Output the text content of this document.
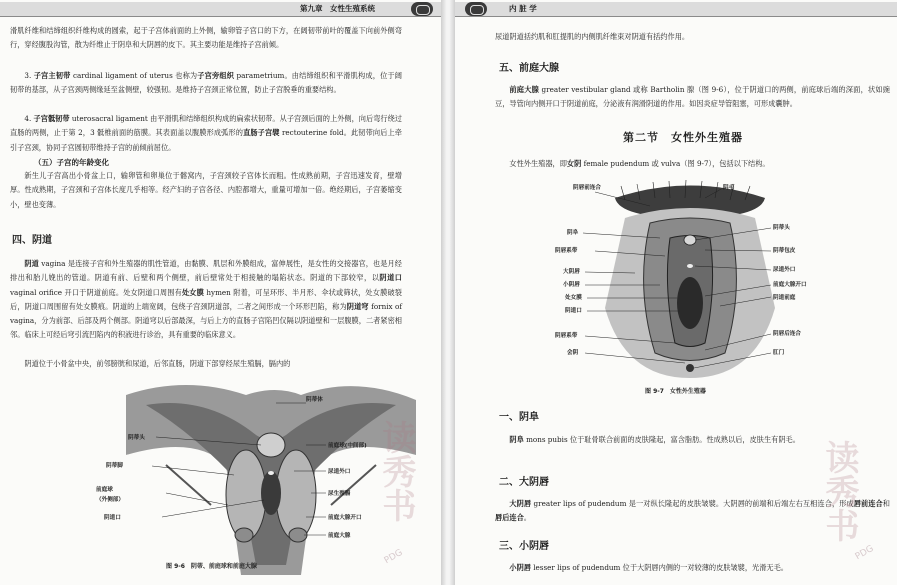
第九章　女性生殖系统

滑肌纤维和结缔组织纤维构成的圆索，起于子宫体前面的上外侧，输卵管子宫口的下方，在阔韧带前叶的覆盖下向前外侧弯行，穿经腹股沟管，散为纤维止于阴阜和大阴唇的皮下。其主要功能是维持子宫前倾。

3. 子宫主韧带 cardinal ligament of uterus 也称为子宫旁组织 parametrium。由结缔组织和平滑肌构成，位于阔韧带的基部，从子宫颈两侧缘延至盆侧壁，较强韧。是维持子宫颈正常位置，防止子宫脱垂的重要结构。

4. 子宫骶韧带 uterosacral ligament 由平滑肌和结缔组织构成的扁索状韧带。从子宫颈后面的上外侧，向后弯行绕过直肠的两侧，止于第 2，3 骶椎前面的筋膜。其表面盖以腹膜形成弧形的直肠子宫襞 rectouterine fold。此韧带向后上牵引子宫颈，协同子宫圆韧带维持子宫的前倾前屈位。

（五）子宫的年龄变化

新生儿子宫高出小骨盆上口，输卵管和卵巢位于髂窝内，子宫颈较子宫体长而粗。性成熟前期，子宫迅速发育，壁增厚。性成熟期，子宫颈和子宫体长度几乎相等。经产妇的子宫各径、内腔都增大，重量可增加一倍。绝经期后，子宫萎缩变小，壁也变薄。

四、阴道

阴道 vagina 是连接子宫和外生殖器的肌性管道，由黏膜、肌层和外膜组成，富伸展性，是女性的交接器官，也是月经排出和胎儿娩出的管道。阴道有前、后壁和两个侧壁，前后壁常处于相接触的塌陷状态。阴道的下部较窄，以阴道口 vaginal orifice 开口于阴道前庭。处女阴道口周围有处女膜 hymen 附着，可呈环形、半月形、伞状或筛状，处女膜破裂后，阴道口周围留有处女膜痕。阴道的上端宽阔，包绕子宫颈阴道部，二者之间形成一个环形凹陷，称为阴道穹 fornix of vagina，分为前部、后部及两个侧部。阴道穹以后部最深，与后上方的直肠子宫陷凹仅隔以阴道壁和一层腹膜，二者紧密相邻。临床上可经后穹引流凹陷内的积液进行诊治，具有重要的临床意义。

阴道位于小骨盆中央，前邻膀胱和尿道，后邻直肠，阴道下部穿经尿生殖膈，膈内的

阴蒂体
阴蒂头
阴蒂脚
前庭球
（外侧部）
阴道口
前庭球(中间部)
尿道外口
尿生殖膈
前庭大腺开口
前庭大腺
图 9-6　阴蒂、前庭球和前庭大腺
读秀书
PDG
内 脏 学

尿道阴道括约肌和肛提肌的内侧肌纤维束对阴道有括约作用。

五、前庭大腺

前庭大腺 greater vestibular gland 或称 Bartholin 腺（图 9-6），位于阴道口的两侧，前庭球后端的深面，状如豌豆，导管向内侧开口于阴道前庭，分泌液有润滑阴道的作用。如因炎症导管阻塞，可形成囊肿。

第二节　女性外生殖器

女性外生殖器，即女阴 female pudendum 或 vulva（图 9-7），包括以下结构。

阴唇前连合
阴阜
阴唇系带
大阴唇
小阴唇
处女膜
阴道口
阴唇系带
会阴
阴毛
阴蒂头
阴蒂包皮
尿道外口
前庭大腺开口
阴道前庭
阴唇后连合
肛门
图 9-7　女性外生殖器
一、阴阜

阴阜 mons pubis 位于耻骨联合前面的皮肤隆起，富含脂肪。性成熟以后，皮肤生有阴毛。

二、大阴唇

大阴唇 greater lips of pudendum 是一对纵长隆起的皮肤皱襞。大阴唇的前端和后端左右互相连合，形成唇前连合和唇后连合。

三、小阴唇

小阴唇 lesser lips of pudendum 位于大阴唇内侧的一对较薄的皮肤皱襞，光滑无毛。

读秀书
PDG
